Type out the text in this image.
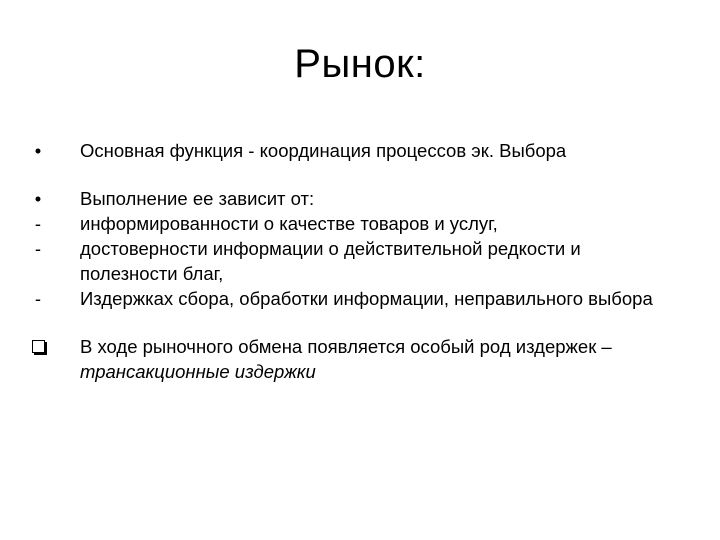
Рынок:
•	Основная функция - координация процессов эк. Выбора
•	Выполнение ее зависит от:
-	информированности о качестве товаров и услуг,
-	достоверности информации о действительной редкости и полезности благ,
-	Издержках сбора, обработки информации, неправильного выбора
В ходе рыночного обмена появляется особый род издержек – трансакционные издержки
